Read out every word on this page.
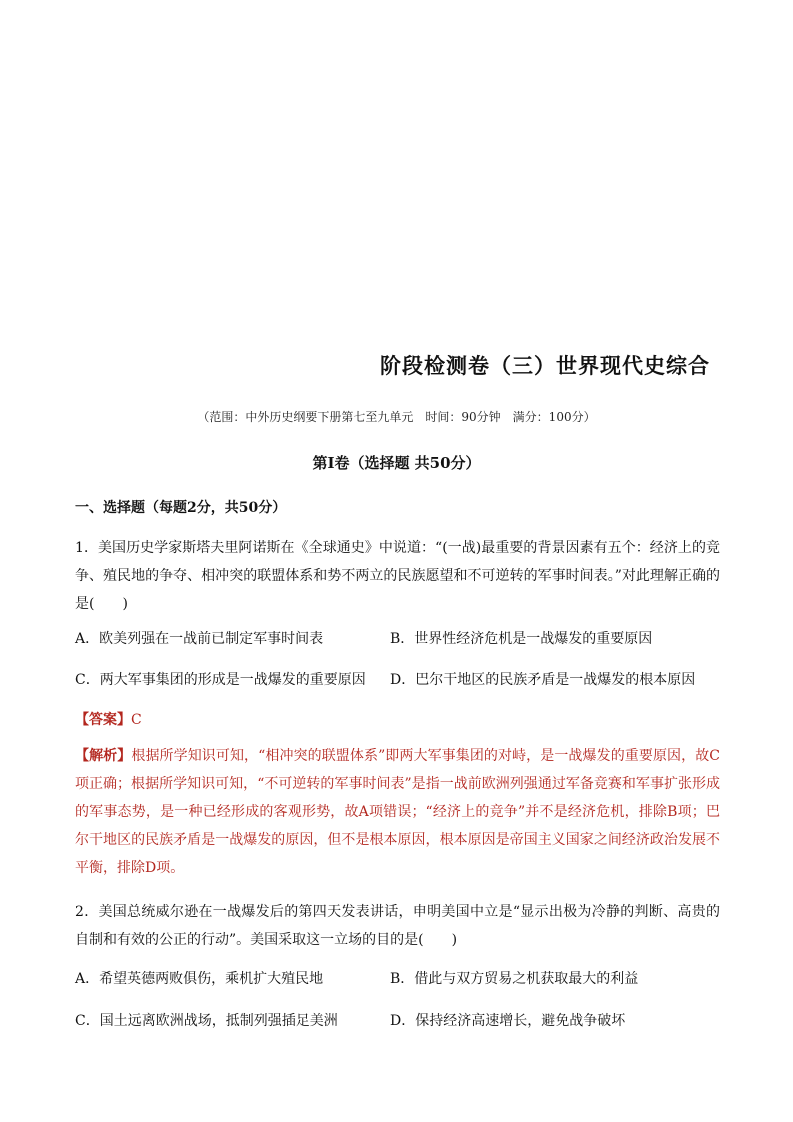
阶段检测卷（三）世界现代史综合
（范围：中外历史纲要下册第七至九单元　时间：90分钟　满分：100分）
第Ⅰ卷（选择题 共50分）
一、选择题（每题2分，共50分）
1．美国历史学家斯塔夫里阿诺斯在《全球通史》中说道：“(一战)最重要的背景因素有五个：经济上的竞争、殖民地的争夺、相冲突的联盟体系和势不两立的民族愿望和不可逆转的军事时间表。”对此理解正确的是(　　)
A．欧美列强在一战前已制定军事时间表	B．世界性经济危机是一战爆发的重要原因
C．两大军事集团的形成是一战爆发的重要原因 D．巴尔干地区的民族矛盾是一战爆发的根本原因
【答案】C
【解析】根据所学知识可知，“相冲突的联盟体系”即两大军事集团的对峙，是一战爆发的重要原因，故C项正确；根据所学知识可知，“不可逆转的军事时间表”是指一战前欧洲列强通过军备竞赛和军事扩张形成的军事态势，是一种已经形成的客观形势，故A项错误；“经济上的竞争”并不是经济危机，排除B项；巴尔干地区的民族矛盾是一战爆发的原因，但不是根本原因，根本原因是帝国主义国家之间经济政治发展不平衡，排除D项。
2．美国总统威尔逊在一战爆发后的第四天发表讲话，申明美国中立是“显示出极为冷静的判断、高贵的自制和有效的公正的行动”。美国采取这一立场的目的是(　　)
A．希望英德两败俱伤，乘机扩大殖民地	B．借此与双方贸易之机获取最大的利益
C．国土远离欧洲战场，抵制列强插足美洲	D．保持经济高速增长，避免战争破坏
